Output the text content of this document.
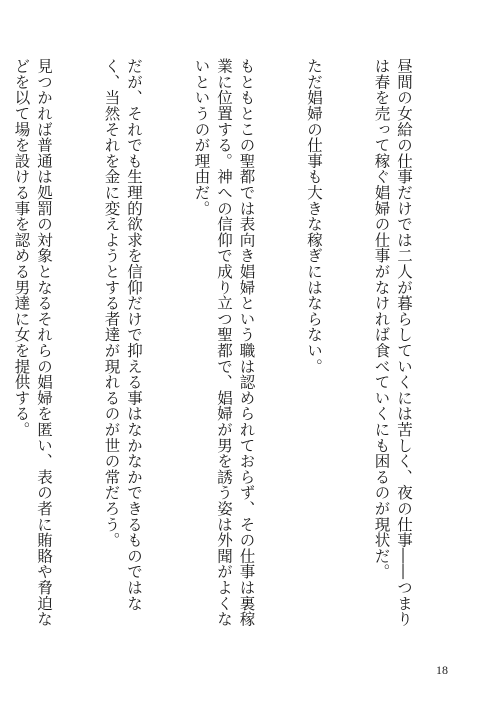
昼間の女給の仕事だけでは二人が暮らしていくには苦しく、夜の仕事――つまりは春を売って稼ぐ娼婦の仕事がなければ食べていくにも困るのが現状だ。

ただ娼婦の仕事も大きな稼ぎにはならない。

もともとこの聖都では表向き娼婦という職は認められておらず、その仕事は裏稼業に位置する。神への信仰で成り立つ聖都で、娼婦が男を誘う姿は外聞がよくないというのが理由だ。

だが、それでも生理的欲求を信仰だけで抑える事はなかなかできるものではなく、当然それを金に変えようとする者達が現れるのが世の常だろう。

見つかれば普通は処罰の対象となるそれらの娼婦を匿い、表の者に賄賂や脅迫などを以て場を設ける事を認める男達に女を提供する。

18
